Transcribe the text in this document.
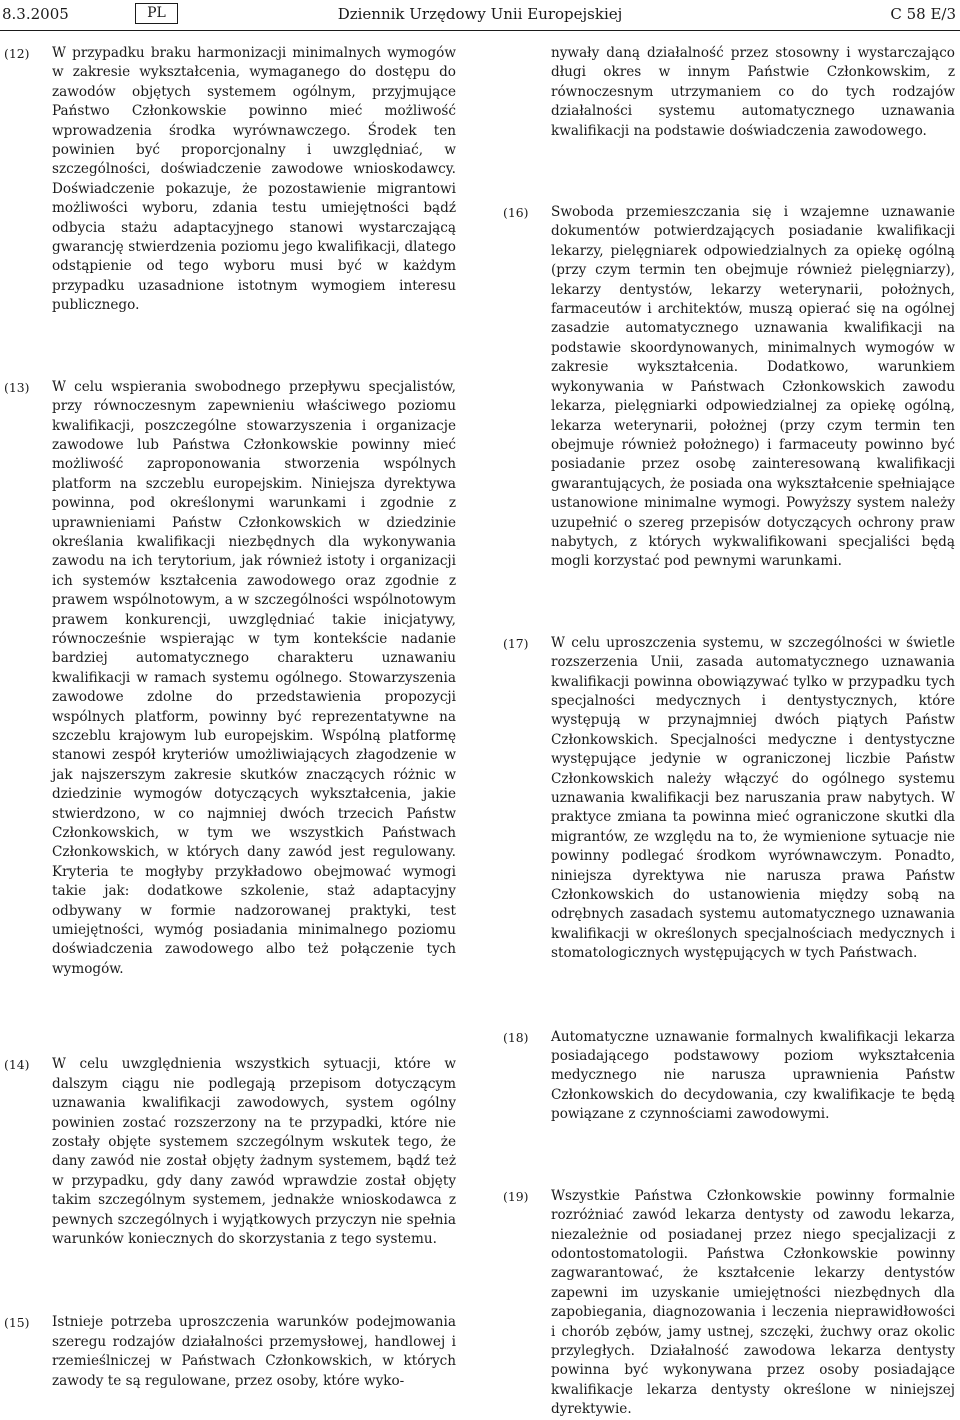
8.3.2005	PL	Dziennik Urzędowy Unii Europejskiej	C 58 E/3
(12) W przypadku braku harmonizacji minimalnych wymogów w zakresie wykształcenia, wymaganego do dostępu do zawodów objętych systemem ogólnym, przyjmujące Państwo Członkowskie powinno mieć możliwość wprowadzenia środka wyrównawczego. Środek ten powinien być proporcjonalny i uwzględniać, w szczególności, doświadczenie zawodowe wnioskodawcy. Doświadczenie pokazuje, że pozostawienie migrantowi możliwości wyboru, zdania testu umiejętności bądź odbycia stażu adaptacyjnego stanowi wystarczającą gwarancję stwierdzenia poziomu jego kwalifikacji, dlatego odstąpienie od tego wyboru musi być w każdym przypadku uzasadnione istotnym wymogiem interesu publicznego.
(13) W celu wspierania swobodnego przepływu specjalistów, przy równoczesnym zapewnieniu właściwego poziomu kwalifikacji, poszczególne stowarzyszenia i organizacje zawodowe lub Państwa Członkowskie powinny mieć możliwość zaproponowania stworzenia wspólnych platform na szczeblu europejskim. Niniejsza dyrektywa powinna, pod określonymi warunkami i zgodnie z uprawnieniami Państw Członkowskich w dziedzinie określania kwalifikacji niezbędnych dla wykonywania zawodu na ich terytorium, jak również istoty i organizacji ich systemów kształcenia zawodowego oraz zgodnie z prawem wspólnotowym, a w szczególności wspólnotowym prawem konkurencji, uwzględniać takie inicjatywy, równocześnie wspierając w tym kontekście nadanie bardziej automatycznego charakteru uznawaniu kwalifikacji w ramach systemu ogólnego. Stowarzyszenia zawodowe zdolne do przedstawienia propozycji wspólnych platform, powinny być reprezentatywne na szczeblu krajowym lub europejskim. Wspólną platformę stanowi zespół kryteriów umożliwiających złagodzenie w jak najszerszym zakresie skutków znaczących różnic w dziedzinie wymogów dotyczących wykształcenia, jakie stwierdzono, w co najmniej dwóch trzecich Państw Członkowskich, w tym we wszystkich Państwach Członkowskich, w których dany zawód jest regulowany. Kryteria te mogłyby przykładowo obejmować wymogi takie jak: dodatkowe szkolenie, staż adaptacyjny odbywany w formie nadzorowanej praktyki, test umiejętności, wymóg posiadania minimalnego poziomu doświadczenia zawodowego albo też połączenie tych wymogów.
(14) W celu uwzględnienia wszystkich sytuacji, które w dalszym ciągu nie podlegają przepisom dotyczącym uznawania kwalifikacji zawodowych, system ogólny powinien zostać rozszerzony na te przypadki, które nie zostały objęte systemem szczególnym wskutek tego, że dany zawód nie został objęty żadnym systemem, bądź też w przypadku, gdy dany zawód wprawdzie został objęty takim szczególnym systemem, jednakże wnioskodawca z pewnych szczególnych i wyjątkowych przyczyn nie spełnia warunków koniecznych do skorzystania z tego systemu.
(15) Istnieje potrzeba uproszczenia warunków podejmowania szeregu rodzajów działalności przemysłowej, handlowej i rzemieślniczej w Państwach Członkowskich, w których zawody te są regulowane, przez osoby, które wyko-
nywały daną działalność przez stosowny i wystarczająco długi okres w innym Państwie Członkowskim, z równoczesnym utrzymaniem co do tych rodzajów działalności systemu automatycznego uznawania kwalifikacji na podstawie doświadczenia zawodowego.
(16) Swoboda przemieszczania się i wzajemne uznawanie dokumentów potwierdzających posiadanie kwalifikacji lekarzy, pielęgniarek odpowiedzialnych za opiekę ogólną (przy czym termin ten obejmuje również pielęgniarzy), lekarzy dentystów, lekarzy weterynarii, położnych, farmaceutów i architektów, muszą opierać się na ogólnej zasadzie automatycznego uznawania kwalifikacji na podstawie skoordynowanych, minimalnych wymogów w zakresie wykształcenia. Dodatkowo, warunkiem wykonywania w Państwach Członkowskich zawodu lekarza, pielęgniarki odpowiedzialnej za opiekę ogólną, lekarza weterynarii, położnej (przy czym termin ten obejmuje również położnego) i farmaceuty powinno być posiadanie przez osobę zainteresowaną kwalifikacji gwarantujących, że posiada ona wykształcenie spełniające ustanowione minimalne wymogi. Powyższy system należy uzupełnić o szereg przepisów dotyczących ochrony praw nabytych, z których wykwalifikowani specjaliści będą mogli korzystać pod pewnymi warunkami.
(17) W celu uproszczenia systemu, w szczególności w świetle rozszerzenia Unii, zasada automatycznego uznawania kwalifikacji powinna obowiązywać tylko w przypadku tych specjalności medycznych i dentystycznych, które występują w przynajmniej dwóch piątych Państw Członkowskich. Specjalności medyczne i dentystyczne występujące jedynie w ograniczonej liczbie Państw Członkowskich należy włączyć do ogólnego systemu uznawania kwalifikacji bez naruszania praw nabytych. W praktyce zmiana ta powinna mieć ograniczone skutki dla migrantów, ze względu na to, że wymienione sytuacje nie powinny podlegać środkom wyrównawczym. Ponadto, niniejsza dyrektywa nie narusza prawa Państw Członkowskich do ustanowienia między sobą na odrębnych zasadach systemu automatycznego uznawania kwalifikacji w określonych specjalnościach medycznych i stomatologicznych występujących w tych Państwach.
(18) Automatyczne uznawanie formalnych kwalifikacji lekarza posiadającego podstawowy poziom wykształcenia medycznego nie narusza uprawnienia Państw Członkowskich do decydowania, czy kwalifikacje te będą powiązane z czynnościami zawodowymi.
(19) Wszystkie Państwa Członkowskie powinny formalnie rozróżniać zawód lekarza dentysty od zawodu lekarza, niezależnie od posiadanej przez niego specjalizacji z odontostomatologii. Państwa Członkowskie powinny zagwarantować, że kształcenie lekarzy dentystów zapewni im uzyskanie umiejętności niezbędnych dla zapobiegania, diagnozowania i leczenia nieprawidłowości i chorób zębów, jamy ustnej, szczęki, żuchwy oraz okolic przyległych. Działalność zawodowa lekarza dentysty powinna być wykonywana przez osoby posiadające kwalifikacje lekarza dentysty określone w niniejszej dyrektywie.
